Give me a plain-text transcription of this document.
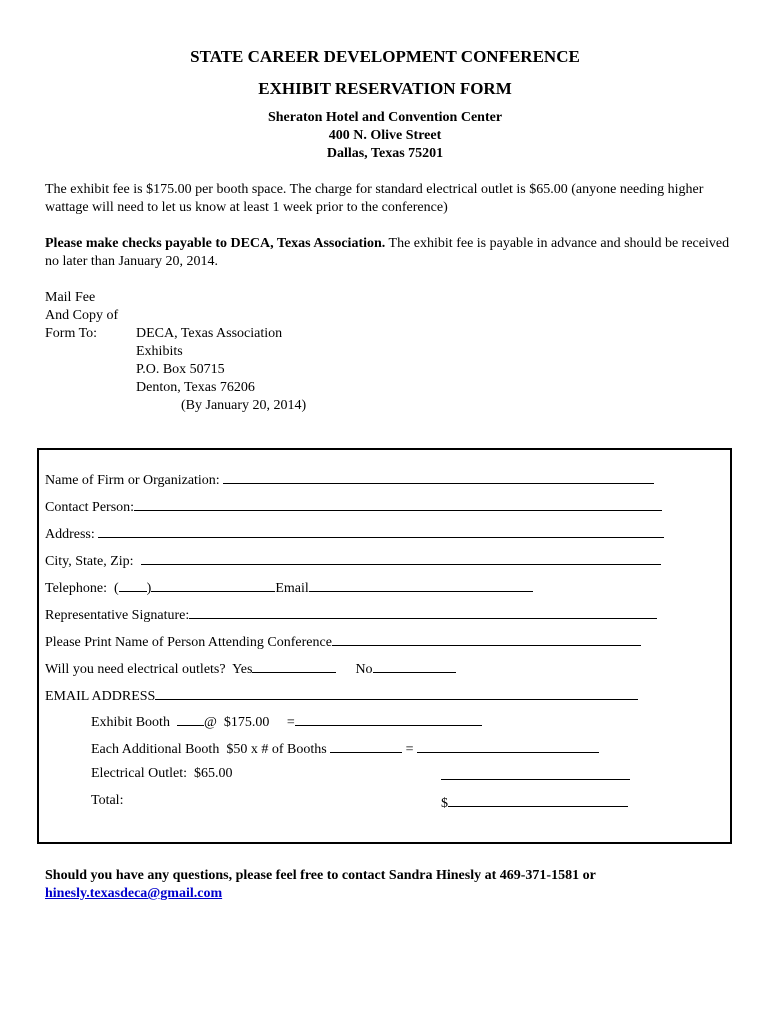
STATE CAREER DEVELOPMENT CONFERENCE
EXHIBIT RESERVATION FORM
Sheraton Hotel and Convention Center
400 N. Olive Street
Dallas, Texas 75201
The exhibit fee is $175.00 per booth space. The charge for standard electrical outlet is $65.00 (anyone needing higher wattage will need to let us know at least 1 week prior to the conference)
Please make checks payable to DECA, Texas Association. The exhibit fee is payable in advance and should be received no later than January 20, 2014.
Mail Fee
And Copy of
Form To:	DECA, Texas Association
Exhibits
P.O. Box 50715
Denton, Texas 76206
(By January 20, 2014)
Name of Firm or Organization:
Contact Person:
Address:
City, State, Zip:
Telephone:  ( )	Email
Representative Signature:
Please Print Name of Person Attending Conference
Will you need electrical outlets?  Yes	No
EMAIL ADDRESS
Exhibit Booth  @  $175.00     =
Each Additional Booth  $50 x # of Booths	=
Electrical Outlet:  $65.00
Total:	$
Should you have any questions, please feel free to contact Sandra Hinesly at 469-371-1581 or
hinesly.texasdeca@gmail.com
